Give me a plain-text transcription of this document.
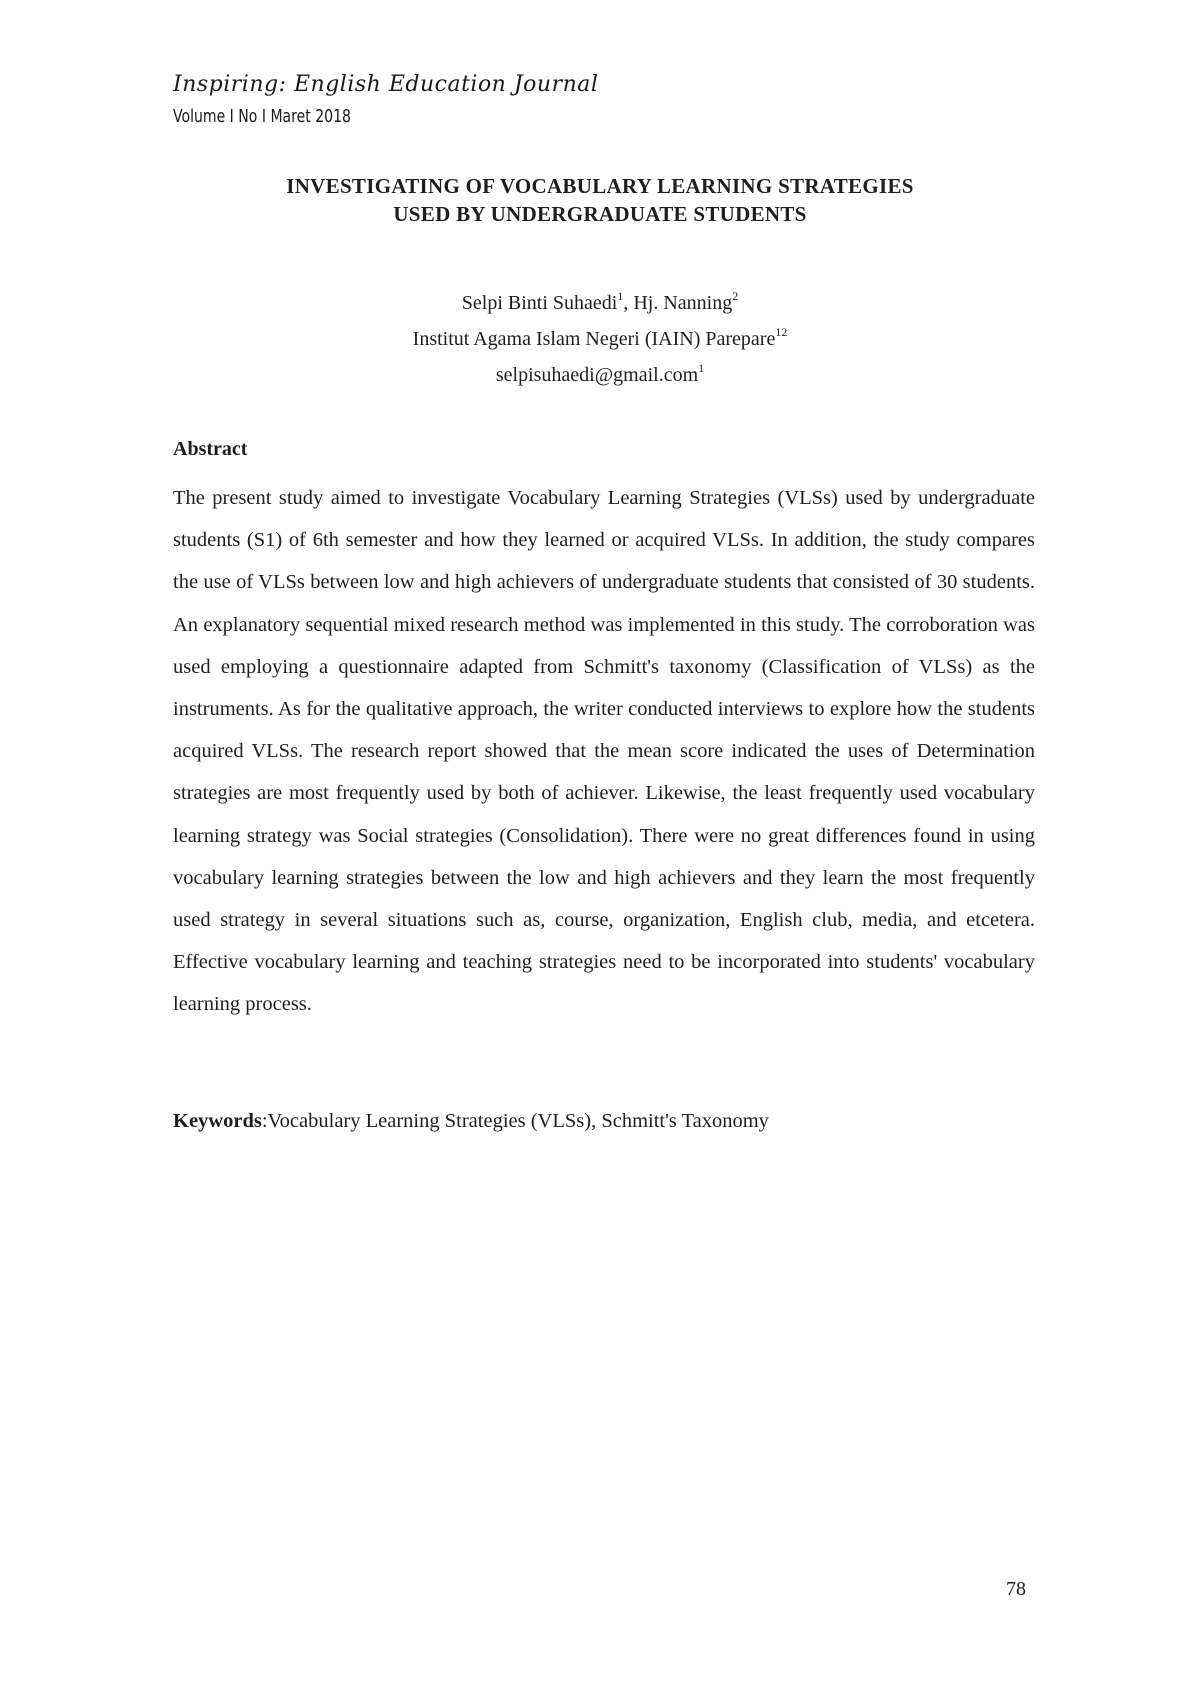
Inspiring: English Education Journal
Volume I No I Maret 2018
INVESTIGATING OF VOCABULARY LEARNING STRATEGIES
USED BY UNDERGRADUATE STUDENTS
Selpi Binti Suhaedi$^1$, Hj. Nanning$^2$
Institut Agama Islam Negeri (IAIN) Parepare$^{12}$
selpisuhaedi@gmail.com$^1$
Abstract

The present study aimed to investigate Vocabulary Learning Strategies (VLSs) used by undergraduate students (S1) of 6th semester and how they learned or acquired VLSs. In addition, the study compares the use of VLSs between low and high achievers of undergraduate students that consisted of 30 students. An explanatory sequential mixed research method was implemented in this study. The corroboration was used employing a questionnaire adapted from Schmitt's taxonomy (Classification of VLSs) as the instruments. As for the qualitative approach, the writer conducted interviews to explore how the students acquired VLSs. The research report showed that the mean score indicated the uses of Determination strategies are most frequently used by both of achiever. Likewise, the least frequently used vocabulary learning strategy was Social strategies (Consolidation). There were no great differences found in using vocabulary learning strategies between the low and high achievers and they learn the most frequently used strategy in several situations such as, course, organization, English club, media, and etcetera. Effective vocabulary learning and teaching strategies need to be incorporated into students' vocabulary learning process.

Keywords:Vocabulary Learning Strategies (VLSs), Schmitt's Taxonomy
78
